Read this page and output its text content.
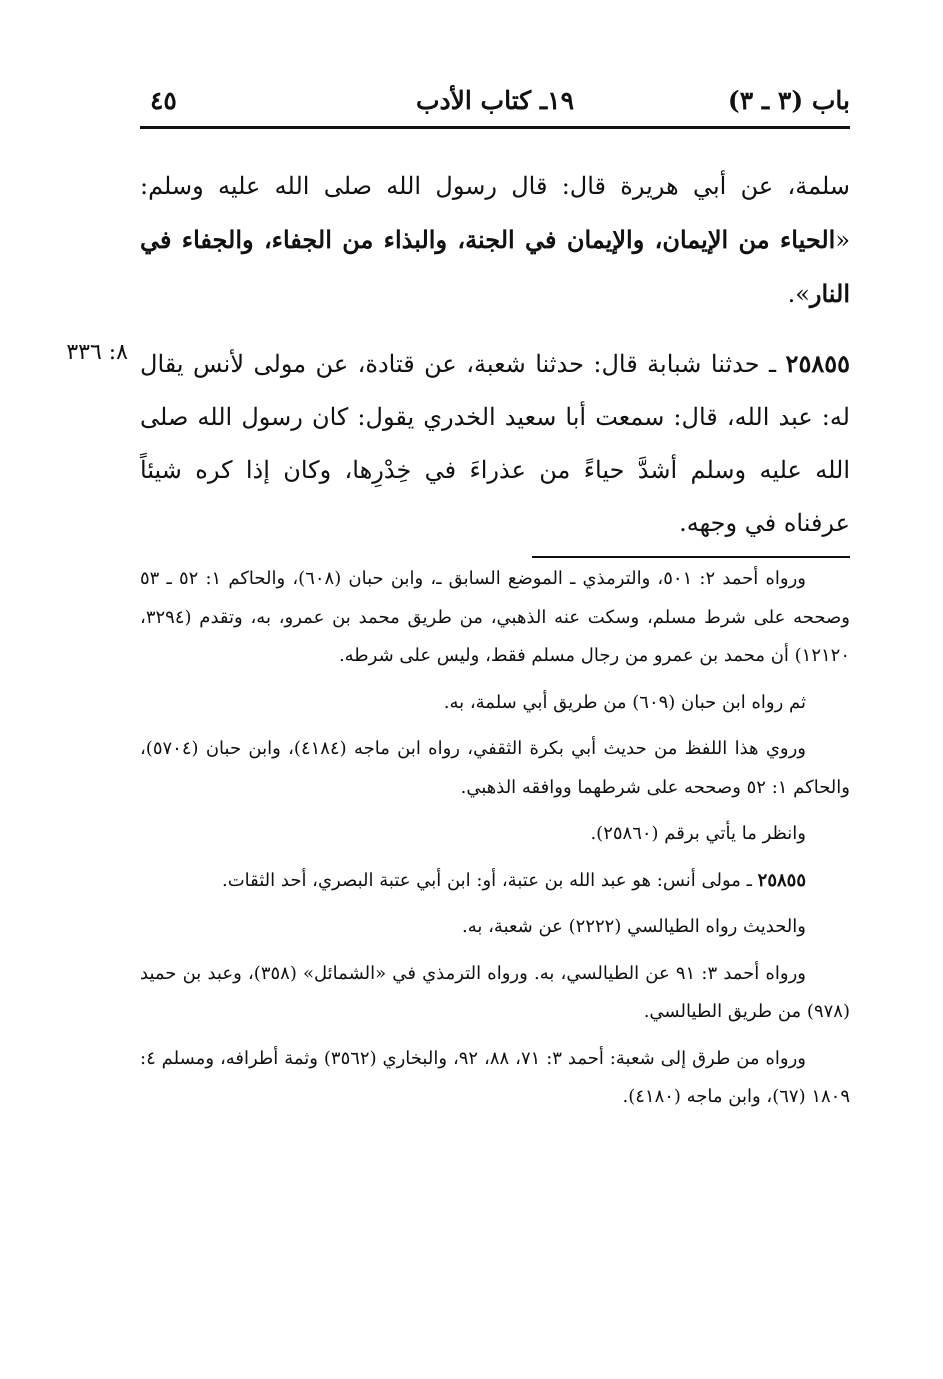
باب (٣ ـ ٣)
١٩ـ كتاب الأدب
٤٥
٨: ٣٣٦

سلمة، عن أبي هريرة قال: قال رسول الله صلى الله عليه وسلم: «الحياء من الإيمان، والإيمان في الجنة، والبذاء من الجفاء، والجفاء في النار».

٢٥٨٥٥ ـ حدثنا شبابة قال: حدثنا شعبة، عن قتادة، عن مولى لأنس يقال له: عبد الله، قال: سمعت أبا سعيد الخدري يقول: كان رسول الله صلى الله عليه وسلم أشدَّ حياءً من عذراءَ في خِدْرِها، وكان إذا كره شيئاً عرفناه في وجهه.

ورواه أحمد ٢: ٥٠١، والترمذي ـ الموضع السابق ـ، وابن حبان (٦٠٨)، والحاكم ١: ٥٢ ـ ٥٣ وصححه على شرط مسلم، وسكت عنه الذهبي، من طريق محمد بن عمرو، به، وتقدم (٣٢٩٤، ١٢١٢٠) أن محمد بن عمرو من رجال مسلم فقط، وليس على شرطه.

ثم رواه ابن حبان (٦٠٩) من طريق أبي سلمة، به.

وروي هذا اللفظ من حديث أبي بكرة الثقفي، رواه ابن ماجه (٤١٨٤)، وابن حبان (٥٧٠٤)، والحاكم ١: ٥٢ وصححه على شرطهما ووافقه الذهبي.

وانظر ما يأتي برقم (٢٥٨٦٠).

٢٥٨٥٥ ـ مولى أنس: هو عبد الله بن عتبة، أو: ابن أبي عتبة البصري، أحد الثقات.

والحديث رواه الطيالسي (٢٢٢٢) عن شعبة، به.

ورواه أحمد ٣: ٩١ عن الطيالسي، به. ورواه الترمذي في «الشمائل» (٣٥٨)، وعبد بن حميد (٩٧٨) من طريق الطيالسي.

ورواه من طرق إلى شعبة: أحمد ٣: ٧١، ٨٨، ٩٢، والبخاري (٣٥٦٢) وثمة أطرافه، ومسلم ٤: ١٨٠٩ (٦٧)، وابن ماجه (٤١٨٠).
